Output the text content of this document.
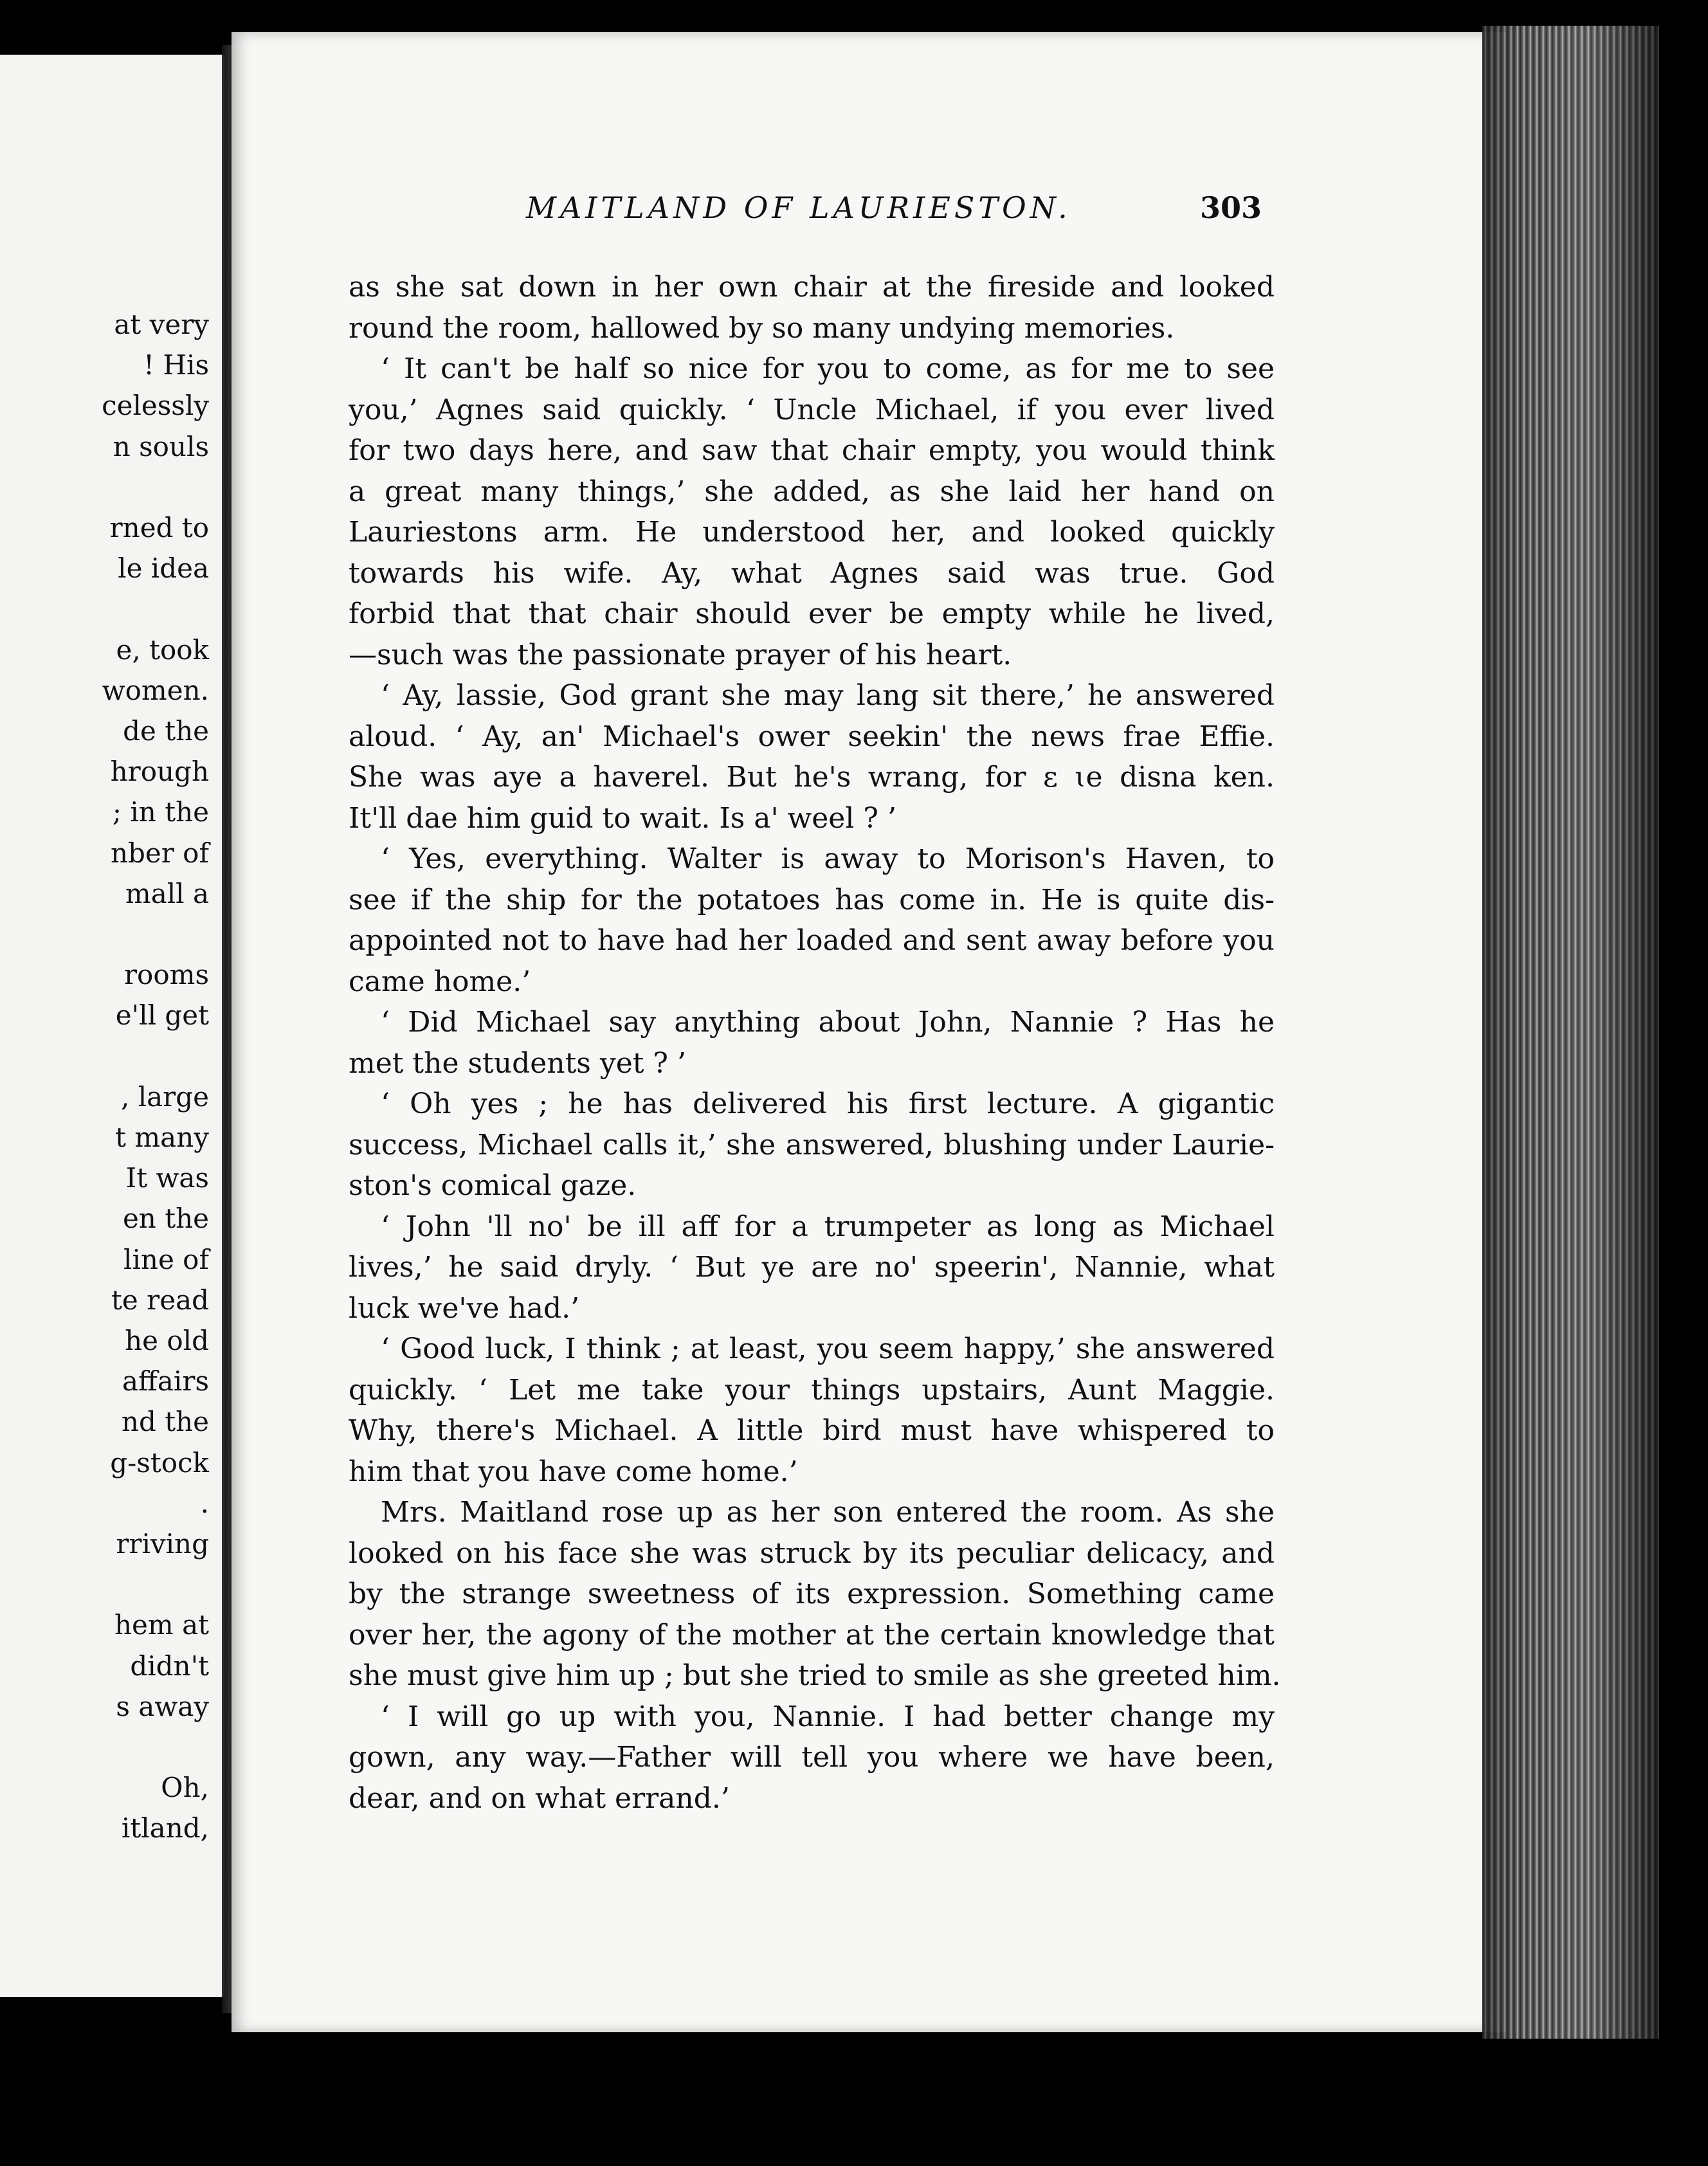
at very
! His
celessly
n souls
rned to
le idea
e, took
women.
de the
hrough
; in the
nber of
mall a
rooms
e'll get
, large
t many
It was
en the
line of
te read
he old
affairs
nd the
g-stock
.
rriving
hem at
didn't
s away
Oh,
itland,
MAITLAND OF LAURIESTON.	303
as she sat down in her own chair at the fireside and looked
round the room, hallowed by so many undying memories.
‘ It can't be half so nice for you to come, as for me to see
you,’ Agnes said quickly. ‘ Uncle Michael, if you ever lived
for two days here, and saw that chair empty, you would think
a great many things,’ she added, as she laid her hand on
Lauriestons arm. He understood her, and looked quickly
towards his wife. Ay, what Agnes said was true. God
forbid that that chair should ever be empty while he lived,
—such was the passionate prayer of his heart.
‘ Ay, lassie, God grant she may lang sit there,’ he answered
aloud. ‘ Ay, an' Michael's ower seekin' the news frae Effie.
She was aye a haverel. But he's wrang, for ɛ ɩe disna ken.
It'll dae him guid to wait. Is a' weel ? ’
‘ Yes, everything. Walter is away to Morison's Haven, to
see if the ship for the potatoes has come in. He is quite dis-
appointed not to have had her loaded and sent away before you
came home.’
‘ Did Michael say anything about John, Nannie ? Has he
met the students yet ? ’
‘ Oh yes ; he has delivered his first lecture. A gigantic
success, Michael calls it,’ she answered, blushing under Laurie-
ston's comical gaze.
‘ John 'll no' be ill aff for a trumpeter as long as Michael
lives,’ he said dryly. ‘ But ye are no' speerin', Nannie, what
luck we've had.’
‘ Good luck, I think ; at least, you seem happy,’ she answered
quickly. ‘ Let me take your things upstairs, Aunt Maggie.
Why, there's Michael. A little bird must have whispered to
him that you have come home.’
Mrs. Maitland rose up as her son entered the room. As she
looked on his face she was struck by its peculiar delicacy, and
by the strange sweetness of its expression. Something came
over her, the agony of the mother at the certain knowledge that
she must give him up ; but she tried to smile as she greeted him.
‘ I will go up with you, Nannie. I had better change my
gown, any way.—Father will tell you where we have been,
dear, and on what errand.’
